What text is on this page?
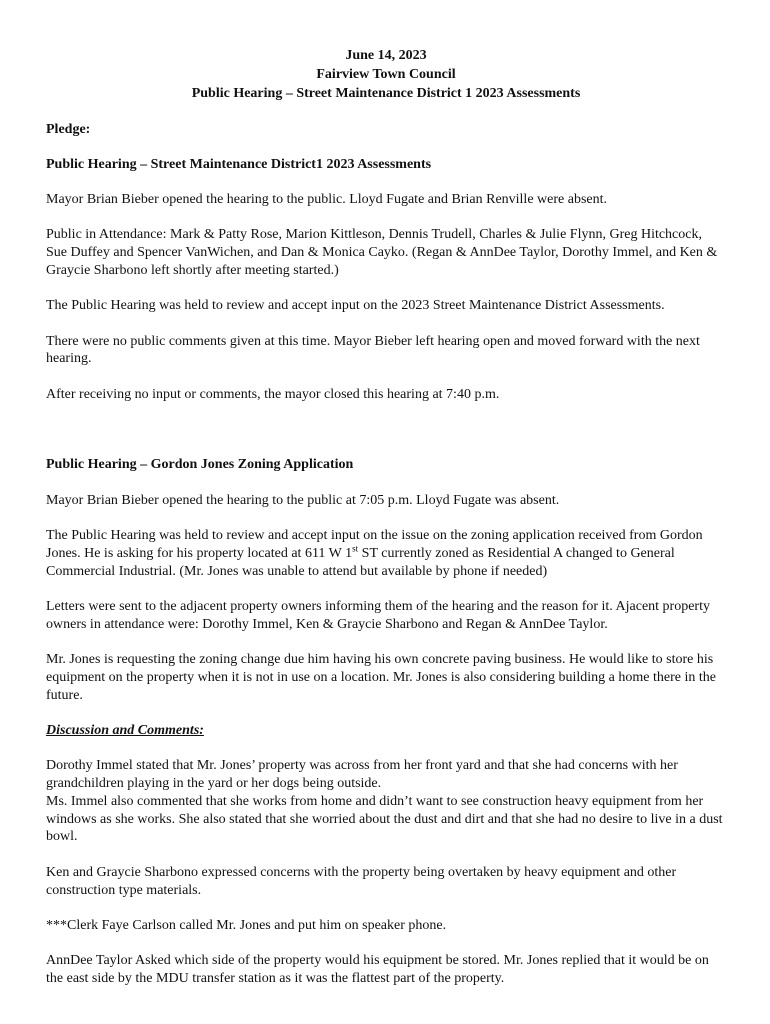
June 14, 2023
Fairview Town Council
Public Hearing – Street Maintenance District 1 2023 Assessments

Pledge:

Public Hearing – Street Maintenance District1 2023 Assessments

Mayor Brian Bieber opened the hearing to the public. Lloyd Fugate and Brian Renville were absent.

Public in Attendance: Mark & Patty Rose, Marion Kittleson, Dennis Trudell, Charles & Julie Flynn, Greg Hitchcock, Sue Duffey and Spencer VanWichen, and Dan & Monica Cayko. (Regan & AnnDee Taylor, Dorothy Immel, and Ken & Graycie Sharbono left shortly after meeting started.)

The Public Hearing was held to review and accept input on the 2023 Street Maintenance District Assessments.

There were no public comments given at this time. Mayor Bieber left hearing open and moved forward with the next hearing.

After receiving no input or comments, the mayor closed this hearing at 7:40 p.m.

Public Hearing – Gordon Jones Zoning Application

Mayor Brian Bieber opened the hearing to the public at 7:05 p.m. Lloyd Fugate was absent.

The Public Hearing was held to review and accept input on the issue on the zoning application received from Gordon Jones. He is asking for his property located at 611 W 1st ST currently zoned as Residential A changed to General Commercial Industrial. (Mr. Jones was unable to attend but available by phone if needed)

Letters were sent to the adjacent property owners informing them of the hearing and the reason for it. Ajacent property owners in attendance were: Dorothy Immel, Ken & Graycie Sharbono and Regan & AnnDee Taylor.

Mr. Jones is requesting the zoning change due him having his own concrete paving business. He would like to store his equipment on the property when it is not in use on a location. Mr. Jones is also considering building a home there in the future.

Discussion and Comments:

Dorothy Immel stated that Mr. Jones’ property was across from her front yard and that she had concerns with her grandchildren playing in the yard or her dogs being outside.

Ms. Immel also commented that she works from home and didn’t want to see construction heavy equipment from her windows as she works. She also stated that she worried about the dust and dirt and that she had no desire to live in a dust bowl.

Ken and Graycie Sharbono expressed concerns with the property being overtaken by heavy equipment and other construction type materials.

***Clerk Faye Carlson called Mr. Jones and put him on speaker phone.

AnnDee Taylor Asked which side of the property would his equipment be stored. Mr. Jones replied that it would be on the east side by the MDU transfer station as it was the flattest part of the property.
